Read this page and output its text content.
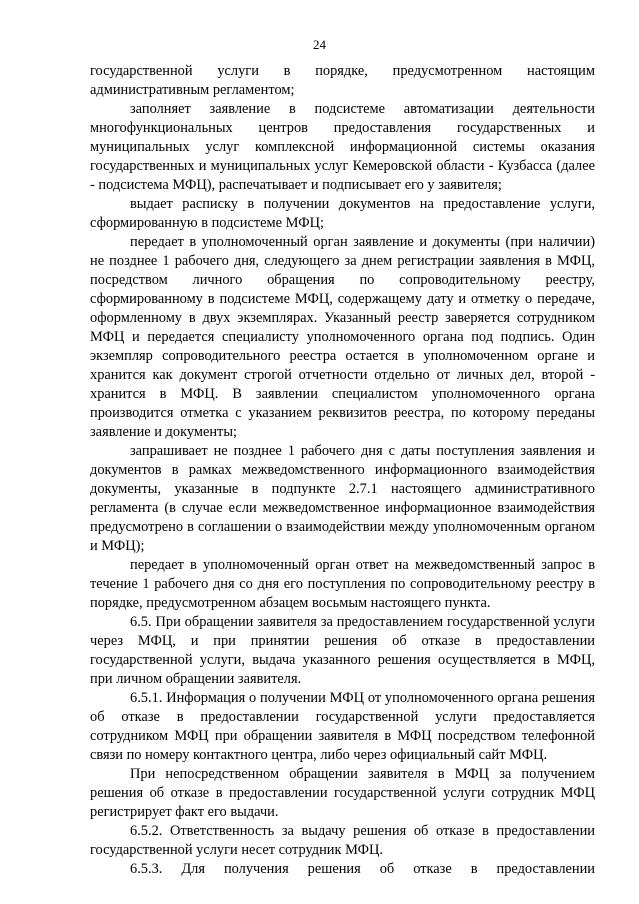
24

государственной услуги в порядке, предусмотренном настоящим административным регламентом;

заполняет заявление в подсистеме автоматизации деятельности многофункциональных центров предоставления государственных и муниципальных услуг комплексной информационной системы оказания государственных и муниципальных услуг Кемеровской области - Кузбасса (далее - подсистема МФЦ), распечатывает и подписывает его у заявителя;

выдает расписку в получении документов на предоставление услуги, сформированную в подсистеме МФЦ;

передает в уполномоченный орган заявление и документы (при наличии) не позднее 1 рабочего дня, следующего за днем регистрации заявления в МФЦ, посредством личного обращения по сопроводительному реестру, сформированному в подсистеме МФЦ, содержащему дату и отметку о передаче, оформленному в двух экземплярах. Указанный реестр заверяется сотрудником МФЦ и передается специалисту уполномоченного органа под подпись. Один экземпляр сопроводительного реестра остается в уполномоченном органе и хранится как документ строгой отчетности отдельно от личных дел, второй - хранится в МФЦ. В заявлении специалистом уполномоченного органа производится отметка с указанием реквизитов реестра, по которому переданы заявление и документы;

запрашивает не позднее 1 рабочего дня с даты поступления заявления и документов в рамках межведомственного информационного взаимодействия документы, указанные в подпункте 2.7.1 настоящего административного регламента (в случае если межведомственное информационное взаимодействия предусмотрено в соглашении о взаимодействии между уполномоченным органом и МФЦ);

передает в уполномоченный орган ответ на межведомственный запрос в течение 1 рабочего дня со дня его поступления по сопроводительному реестру в порядке, предусмотренном абзацем восьмым настоящего пункта.

6.5. При обращении заявителя за предоставлением государственной услуги через МФЦ, и при принятии решения об отказе в предоставлении государственной услуги, выдача указанного решения осуществляется в МФЦ, при личном обращении заявителя.

6.5.1. Информация о получении МФЦ от уполномоченного органа решения об отказе в предоставлении государственной услуги предоставляется сотрудником МФЦ при обращении заявителя в МФЦ посредством телефонной связи по номеру контактного центра, либо через официальный сайт МФЦ.

При непосредственном обращении заявителя в МФЦ за получением решения об отказе в предоставлении государственной услуги сотрудник МФЦ регистрирует факт его выдачи.

6.5.2. Ответственность за выдачу решения об отказе в предоставлении государственной услуги несет сотрудник МФЦ.

6.5.3. Для получения решения об отказе в предоставлении
